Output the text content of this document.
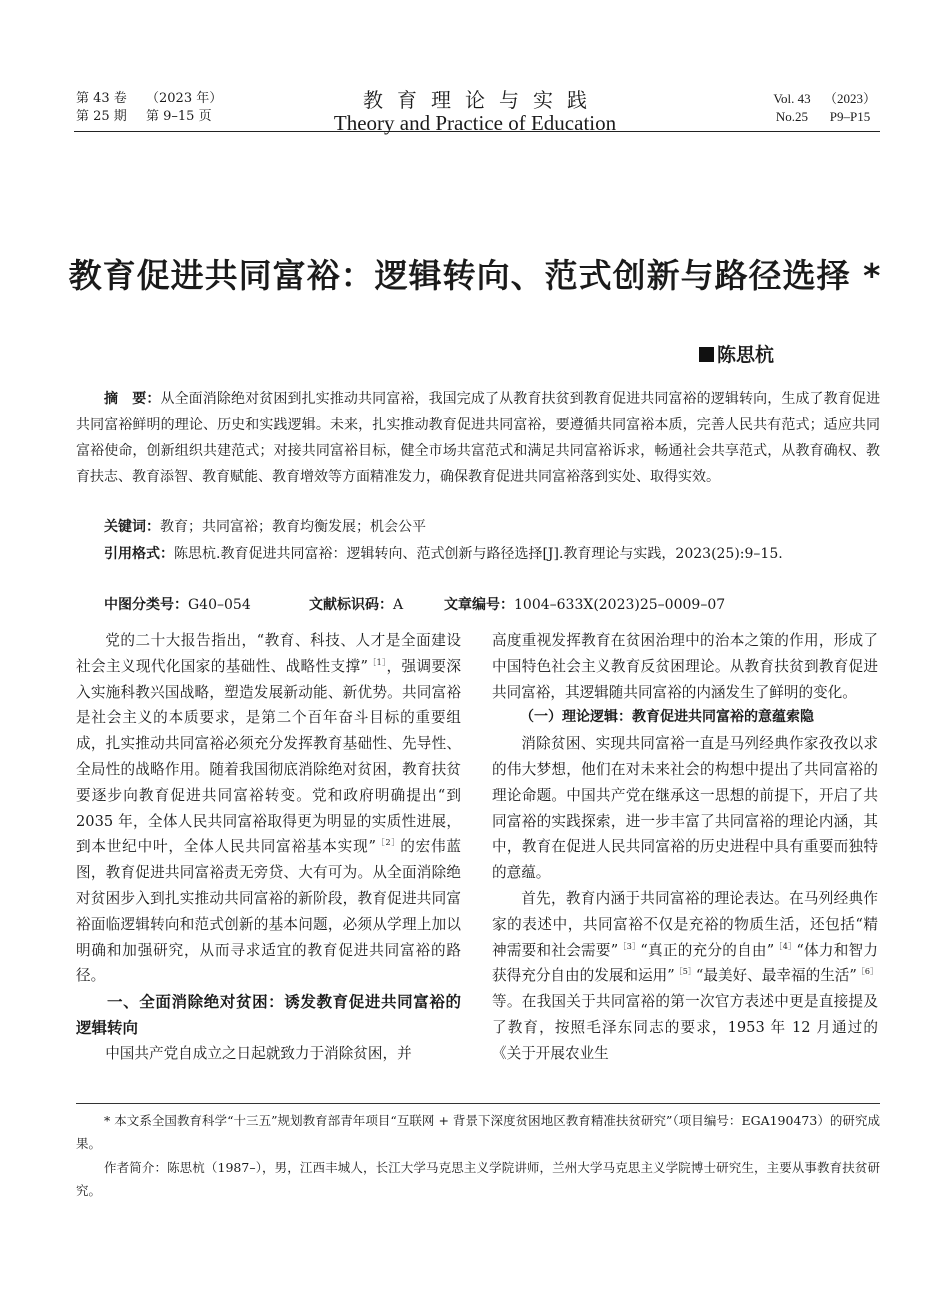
第 43 卷 （2023 年）
第 25 期 第 9–15 页
教育理论与实践
Theory and Practice of Education
Vol. 43 （2023）
No.25 P9–P15
教育促进共同富裕：逻辑转向、范式创新与路径选择 *
陈思杭
摘　要：从全面消除绝对贫困到扎实推动共同富裕，我国完成了从教育扶贫到教育促进共同富裕的逻辑转向，生成了教育促进共同富裕鲜明的理论、历史和实践逻辑。未来，扎实推动教育促进共同富裕，要遵循共同富裕本质，完善人民共有范式；适应共同富裕使命，创新组织共建范式；对接共同富裕目标，健全市场共富范式和满足共同富裕诉求，畅通社会共享范式，从教育确权、教育扶志、教育添智、教育赋能、教育增效等方面精准发力，确保教育促进共同富裕落到实处、取得实效。
关键词：教育；共同富裕；教育均衡发展；机会公平
引用格式：陈思杭.教育促进共同富裕：逻辑转向、范式创新与路径选择[J].教育理论与实践，2023(25):9–15.
中图分类号：G40–054	文献标识码：A	文章编号：1004–633X(2023)25–0009–07

党的二十大报告指出，“教育、科技、人才是全面建设社会主义现代化国家的基础性、战略性支撑”$^{[1]}$，强调要深入实施科教兴国战略，塑造发展新动能、新优势。共同富裕是社会主义的本质要求，是第二个百年奋斗目标的重要组成，扎实推动共同富裕必须充分发挥教育基础性、先导性、全局性的战略作用。随着我国彻底消除绝对贫困，教育扶贫要逐步向教育促进共同富裕转变。党和政府明确提出“到 2035 年，全体人民共同富裕取得更为明显的实质性进展，到本世纪中叶，全体人民共同富裕基本实现”$^{[2]}$的宏伟蓝图，教育促进共同富裕责无旁贷、大有可为。从全面消除绝对贫困步入到扎实推动共同富裕的新阶段，教育促进共同富裕面临逻辑转向和范式创新的基本问题，必须从学理上加以明确和加强研究，从而寻求适宜的教育促进共同富裕的路径。

一、全面消除绝对贫困：诱发教育促进共同富裕的逻辑转向

中国共产党自成立之日起就致力于消除贫困，并

高度重视发挥教育在贫困治理中的治本之策的作用，形成了中国特色社会主义教育反贫困理论。从教育扶贫到教育促进共同富裕，其逻辑随共同富裕的内涵发生了鲜明的变化。

（一）理论逻辑：教育促进共同富裕的意蕴索隐

消除贫困、实现共同富裕一直是马列经典作家孜孜以求的伟大梦想，他们在对未来社会的构想中提出了共同富裕的理论命题。中国共产党在继承这一思想的前提下，开启了共同富裕的实践探索，进一步丰富了共同富裕的理论内涵，其中，教育在促进人民共同富裕的历史进程中具有重要而独特的意蕴。

首先，教育内涵于共同富裕的理论表达。在马列经典作家的表述中，共同富裕不仅是充裕的物质生活，还包括“精神需要和社会需要”$^{[3]}$“真正的充分的自由”$^{[4]}$“体力和智力获得充分自由的发展和运用”$^{[5]}$“最美好、最幸福的生活”$^{[6]}$等。在我国关于共同富裕的第一次官方表述中更是直接提及了教育，按照毛泽东同志的要求，1953 年 12 月通过的《关于开展农业生

* 本文系全国教育科学“十三五”规划教育部青年项目“互联网 + 背景下深度贫困地区教育精准扶贫研究”（项目编号：EGA190473）的研究成果。
作者简介：陈思杭（1987–），男，江西丰城人，长江大学马克思主义学院讲师，兰州大学马克思主义学院博士研究生，主要从事教育扶贫研究。
